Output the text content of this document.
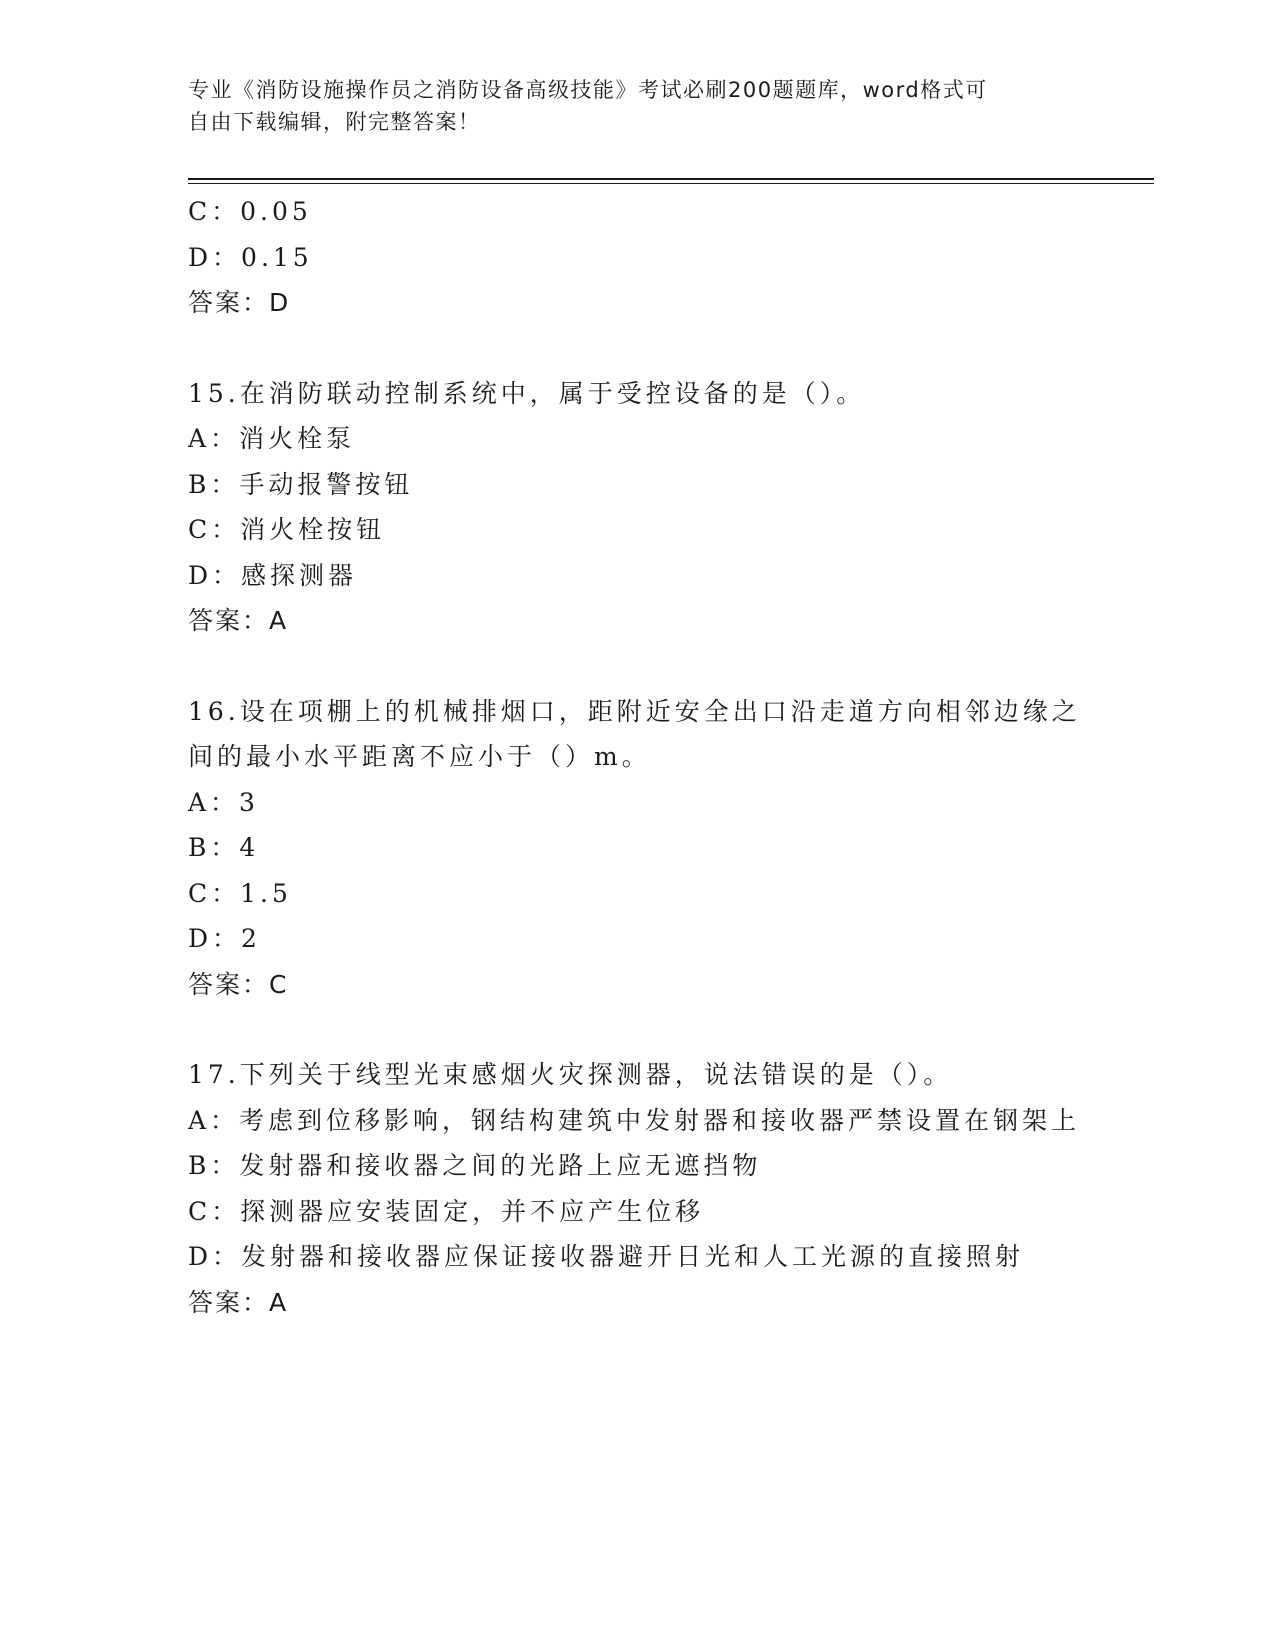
专业《消防设施操作员之消防设备高级技能》考试必刷200题题库，word格式可
自由下载编辑，附完整答案！
C：0.05
D：0.15
答案：D
15.在消防联动控制系统中，属于受控设备的是（）。
A：消火栓泵
B：手动报警按钮
C：消火栓按钮
D：感探测器
答案：A
16.设在项棚上的机械排烟口，距附近安全出口沿走道方向相邻边缘之
间的最小水平距离不应小于（）m。
A：3
B：4
C：1.5
D：2
答案：C
17.下列关于线型光束感烟火灾探测器，说法错误的是（）。
A：考虑到位移影响，钢结构建筑中发射器和接收器严禁设置在钢架上
B：发射器和接收器之间的光路上应无遮挡物
C：探测器应安装固定，并不应产生位移
D：发射器和接收器应保证接收器避开日光和人工光源的直接照射
答案：A
